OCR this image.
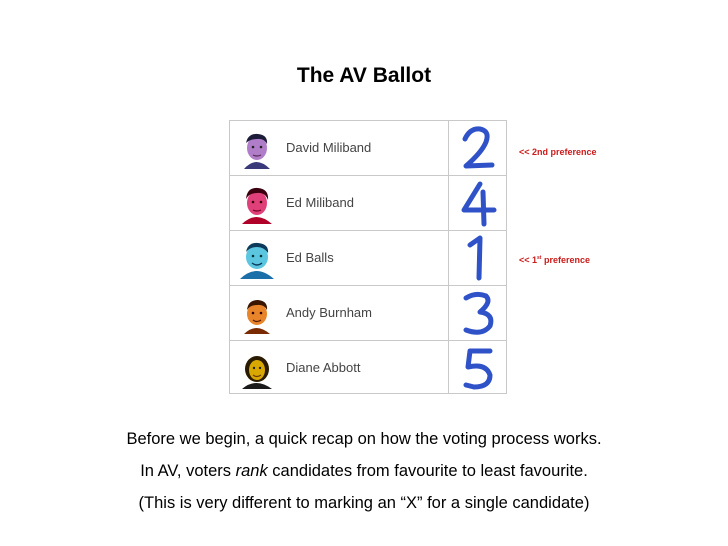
The AV Ballot
David Miliband
Ed Miliband
Ed Balls
Andy Burnham
Diane Abbott
<< 2nd preference
<< 1st preference
Before we begin, a quick recap on how the voting process works.
In AV, voters rank candidates from favourite to least favourite.
(This is very different to marking an “X” for a single candidate)
